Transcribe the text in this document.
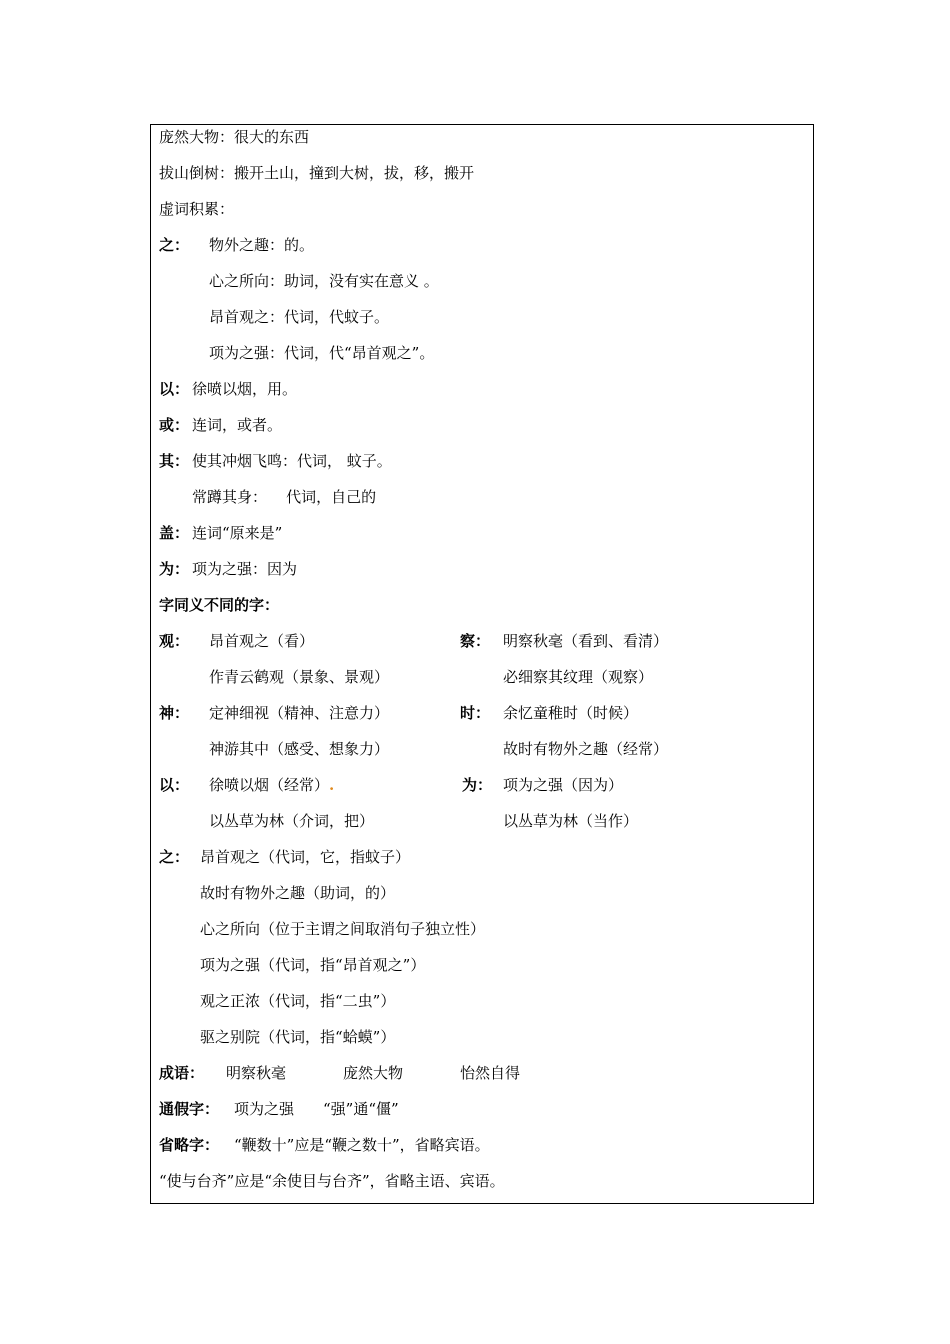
庞然大物：很大的东西
拔山倒树：搬开土山，撞到大树，拔，移，搬开
虚词积累：
之： 物外之趣：的。
心之所向：助词，没有实在意义 。
昂首观之：代词，代蚊子。
项为之强：代词，代“昂首观之”。
以： 徐喷以烟，用。
或： 连词，或者。
其： 使其冲烟飞鸣：代词， 蚊子。
常蹲其身：    代词，自己的
盖： 连词“原来是”
为： 项为之强：因为
字同义不同的字：
观： 昂首观之（看）
作青云鹤观（景象、景观）
察： 明察秋毫（看到、看清）
必细察其纹理（观察）
神： 定神细视（精神、注意力）
神游其中（感受、想象力）
时： 余忆童稚时（时候）
故时有物外之趣（经常）
以： 徐喷以烟（经常）.
以丛草为林（介词，把）
为： 项为之强（因为）
以丛草为林（当作）
之： 昂首观之（代词，它，指蚊子）
故时有物外之趣（助词，的）
心之所向（位于主谓之间取消句子独立性）
项为之强（代词，指“昂首观之”）
观之正浓（代词，指“二虫”）
驱之别院（代词，指“蛤蟆”）
成语： 明察秋毫	庞然大物	怡然自得
通假字： 项为之强 “强”通“僵”
省略字： “鞭数十”应是“鞭之数十”，省略宾语。
“使与台齐”应是“余使目与台齐”，省略主语、宾语。
